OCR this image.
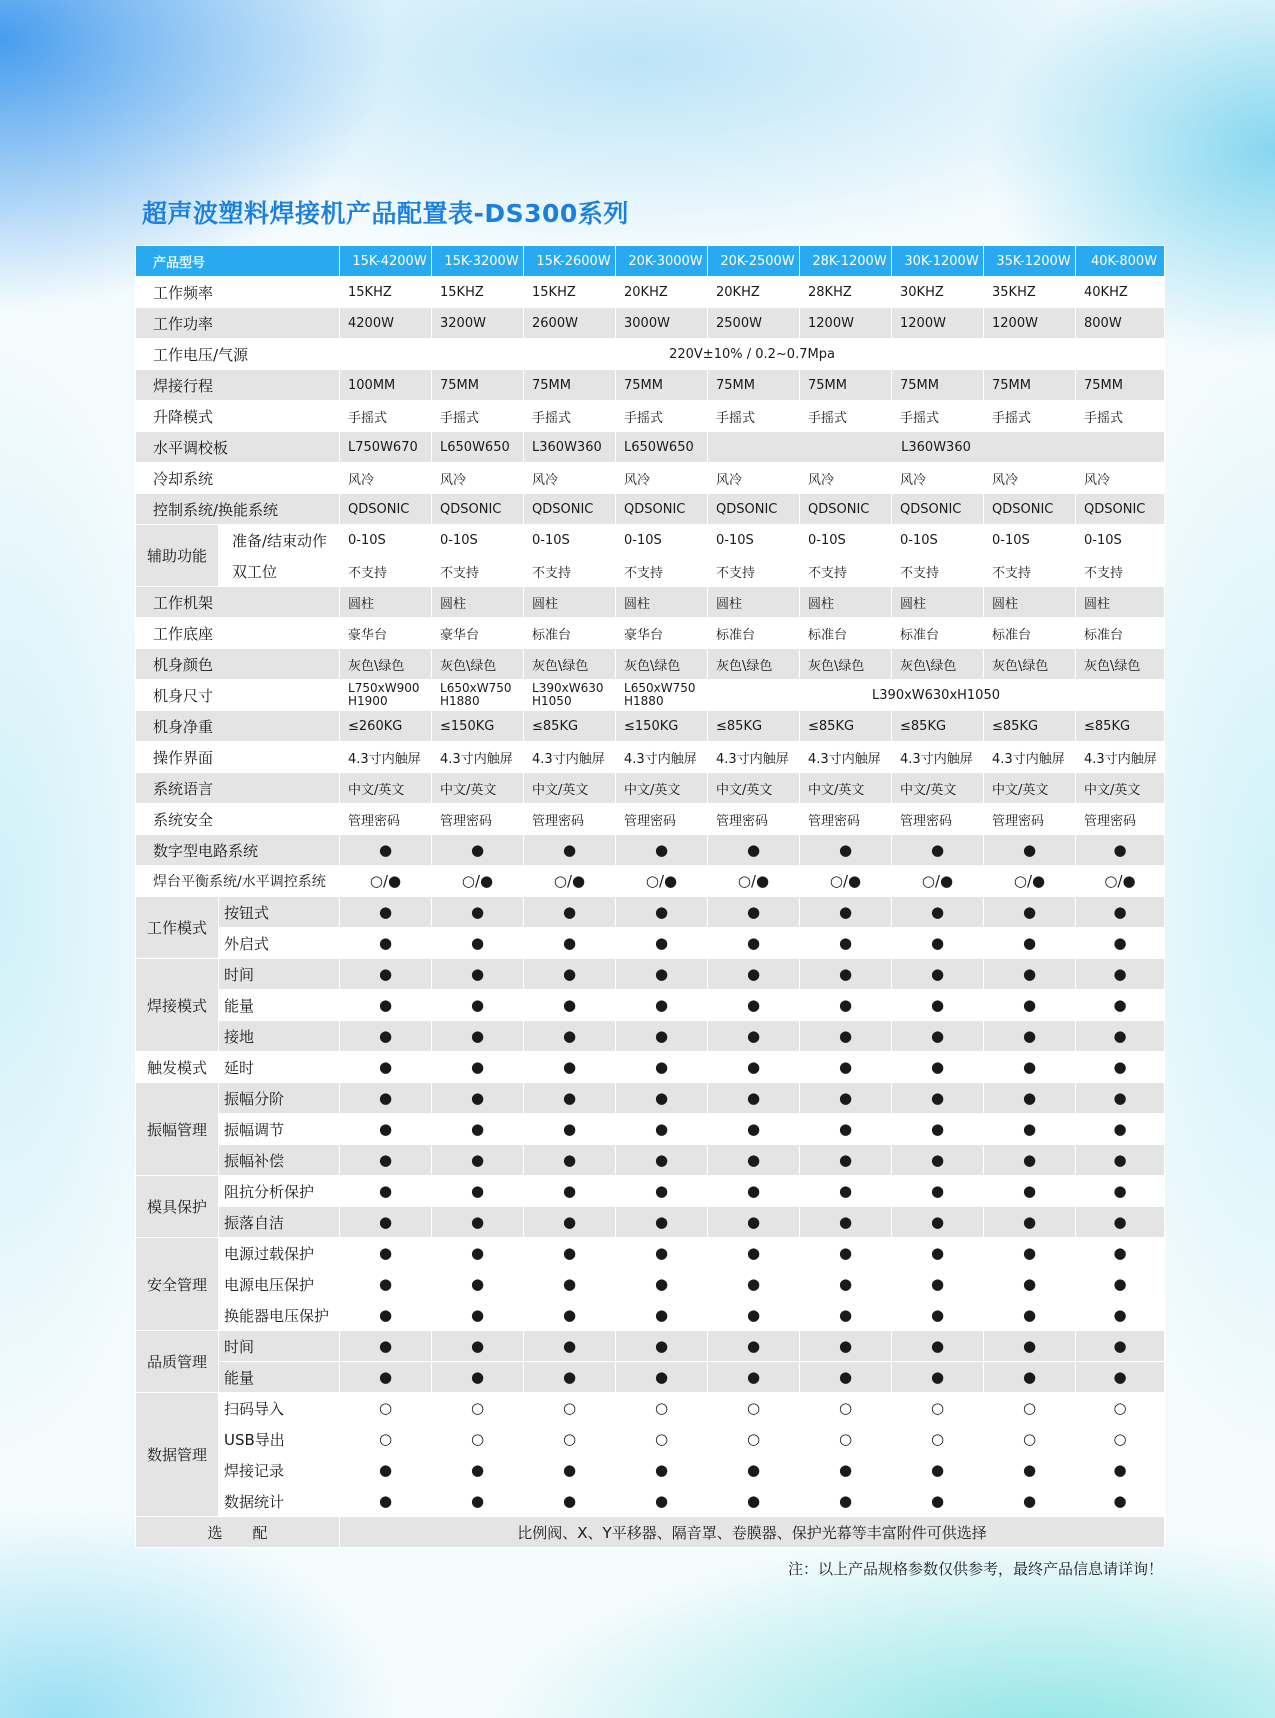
超声波塑料焊接机产品配置表-DS300系列
产品型号		15K-4200W	15K-3200W	15K-2600W	20K-3000W	20K-2500W	28K-1200W	30K-1200W	35K-1200W	40K-800W
工作频率		15KHZ	15KHZ	15KHZ	20KHZ	20KHZ	28KHZ	30KHZ	35KHZ	40KHZ
工作功率		4200W	3200W	2600W	3000W	2500W	1200W	1200W	1200W	800W
工作电压/气源		220V±10% / 0.2~0.7Mpa								
焊接行程		100MM	75MM	75MM	75MM	75MM	75MM	75MM	75MM	75MM
升降模式		手摇式	手摇式	手摇式	手摇式	手摇式	手摇式	手摇式	手摇式	手摇式
水平调校板		L750W670	L650W650	L360W360	L650W650	L360W360				
冷却系统		风冷	风冷	风冷	风冷	风冷	风冷	风冷	风冷	风冷
控制系统/换能系统		QDSONIC	QDSONIC	QDSONIC	QDSONIC	QDSONIC	QDSONIC	QDSONIC	QDSONIC	QDSONIC
辅助功能	准备/结束动作	0-10S	0-10S	0-10S	0-10S	0-10S	0-10S	0-10S	0-10S	0-10S
	双工位	不支持	不支持	不支持	不支持	不支持	不支持	不支持	不支持	不支持
工作机架		圆柱	圆柱	圆柱	圆柱	圆柱	圆柱	圆柱	圆柱	圆柱
工作底座		豪华台	豪华台	标准台	豪华台	标准台	标准台	标准台	标准台	标准台
机身颜色		灰色\绿色	灰色\绿色	灰色\绿色	灰色\绿色	灰色\绿色	灰色\绿色	灰色\绿色	灰色\绿色	灰色\绿色
机身尺寸		L750xW900
H1900	L650xW750
H1880	L390xW630
H1050	L650xW750
H1880	L390xW630xH1050				
机身净重		≤260KG	≤150KG	≤85KG	≤150KG	≤85KG	≤85KG	≤85KG	≤85KG	≤85KG
操作界面		4.3寸内触屏	4.3寸内触屏	4.3寸内触屏	4.3寸内触屏	4.3寸内触屏	4.3寸内触屏	4.3寸内触屏	4.3寸内触屏	4.3寸内触屏
系统语言		中文/英文	中文/英文	中文/英文	中文/英文	中文/英文	中文/英文	中文/英文	中文/英文	中文/英文
系统安全		管理密码	管理密码	管理密码	管理密码	管理密码	管理密码	管理密码	管理密码	管理密码
数字型电路系统		●	●	●	●	●	●	●	●	●
焊台平衡系统/水平调控系统		○/●	○/●	○/●	○/●	○/●	○/●	○/●	○/●	○/●
工作模式	按钮式	●	●	●	●	●	●	●	●	●
	外启式	●	●	●	●	●	●	●	●	●
焊接模式	时间	●	●	●	●	●	●	●	●	●
	能量	●	●	●	●	●	●	●	●	●
	接地	●	●	●	●	●	●	●	●	●
触发模式	延时	●	●	●	●	●	●	●	●	●
振幅管理	振幅分阶	●	●	●	●	●	●	●	●	●
	振幅调节	●	●	●	●	●	●	●	●	●
	振幅补偿	●	●	●	●	●	●	●	●	●
模具保护	阻抗分析保护	●	●	●	●	●	●	●	●	●
	振落自洁	●	●	●	●	●	●	●	●	●
安全管理	电源过载保护	●	●	●	●	●	●	●	●	●
	电源电压保护	●	●	●	●	●	●	●	●	●
	换能器电压保护	●	●	●	●	●	●	●	●	●
品质管理	时间	●	●	●	●	●	●	●	●	●
	能量	●	●	●	●	●	●	●	●	●
数据管理	扫码导入	○	○	○	○	○	○	○	○	○
	USB导出	○	○	○	○	○	○	○	○	○
	焊接记录	●	●	●	●	●	●	●	●	●
	数据统计	●	●	●	●	●	●	●	●	●
选　　配		比例阀、X、Y平移器、隔音罩、卷膜器、保护光幕等丰富附件可供选择								

注：以上产品规格参数仅供参考，最终产品信息请详询！
